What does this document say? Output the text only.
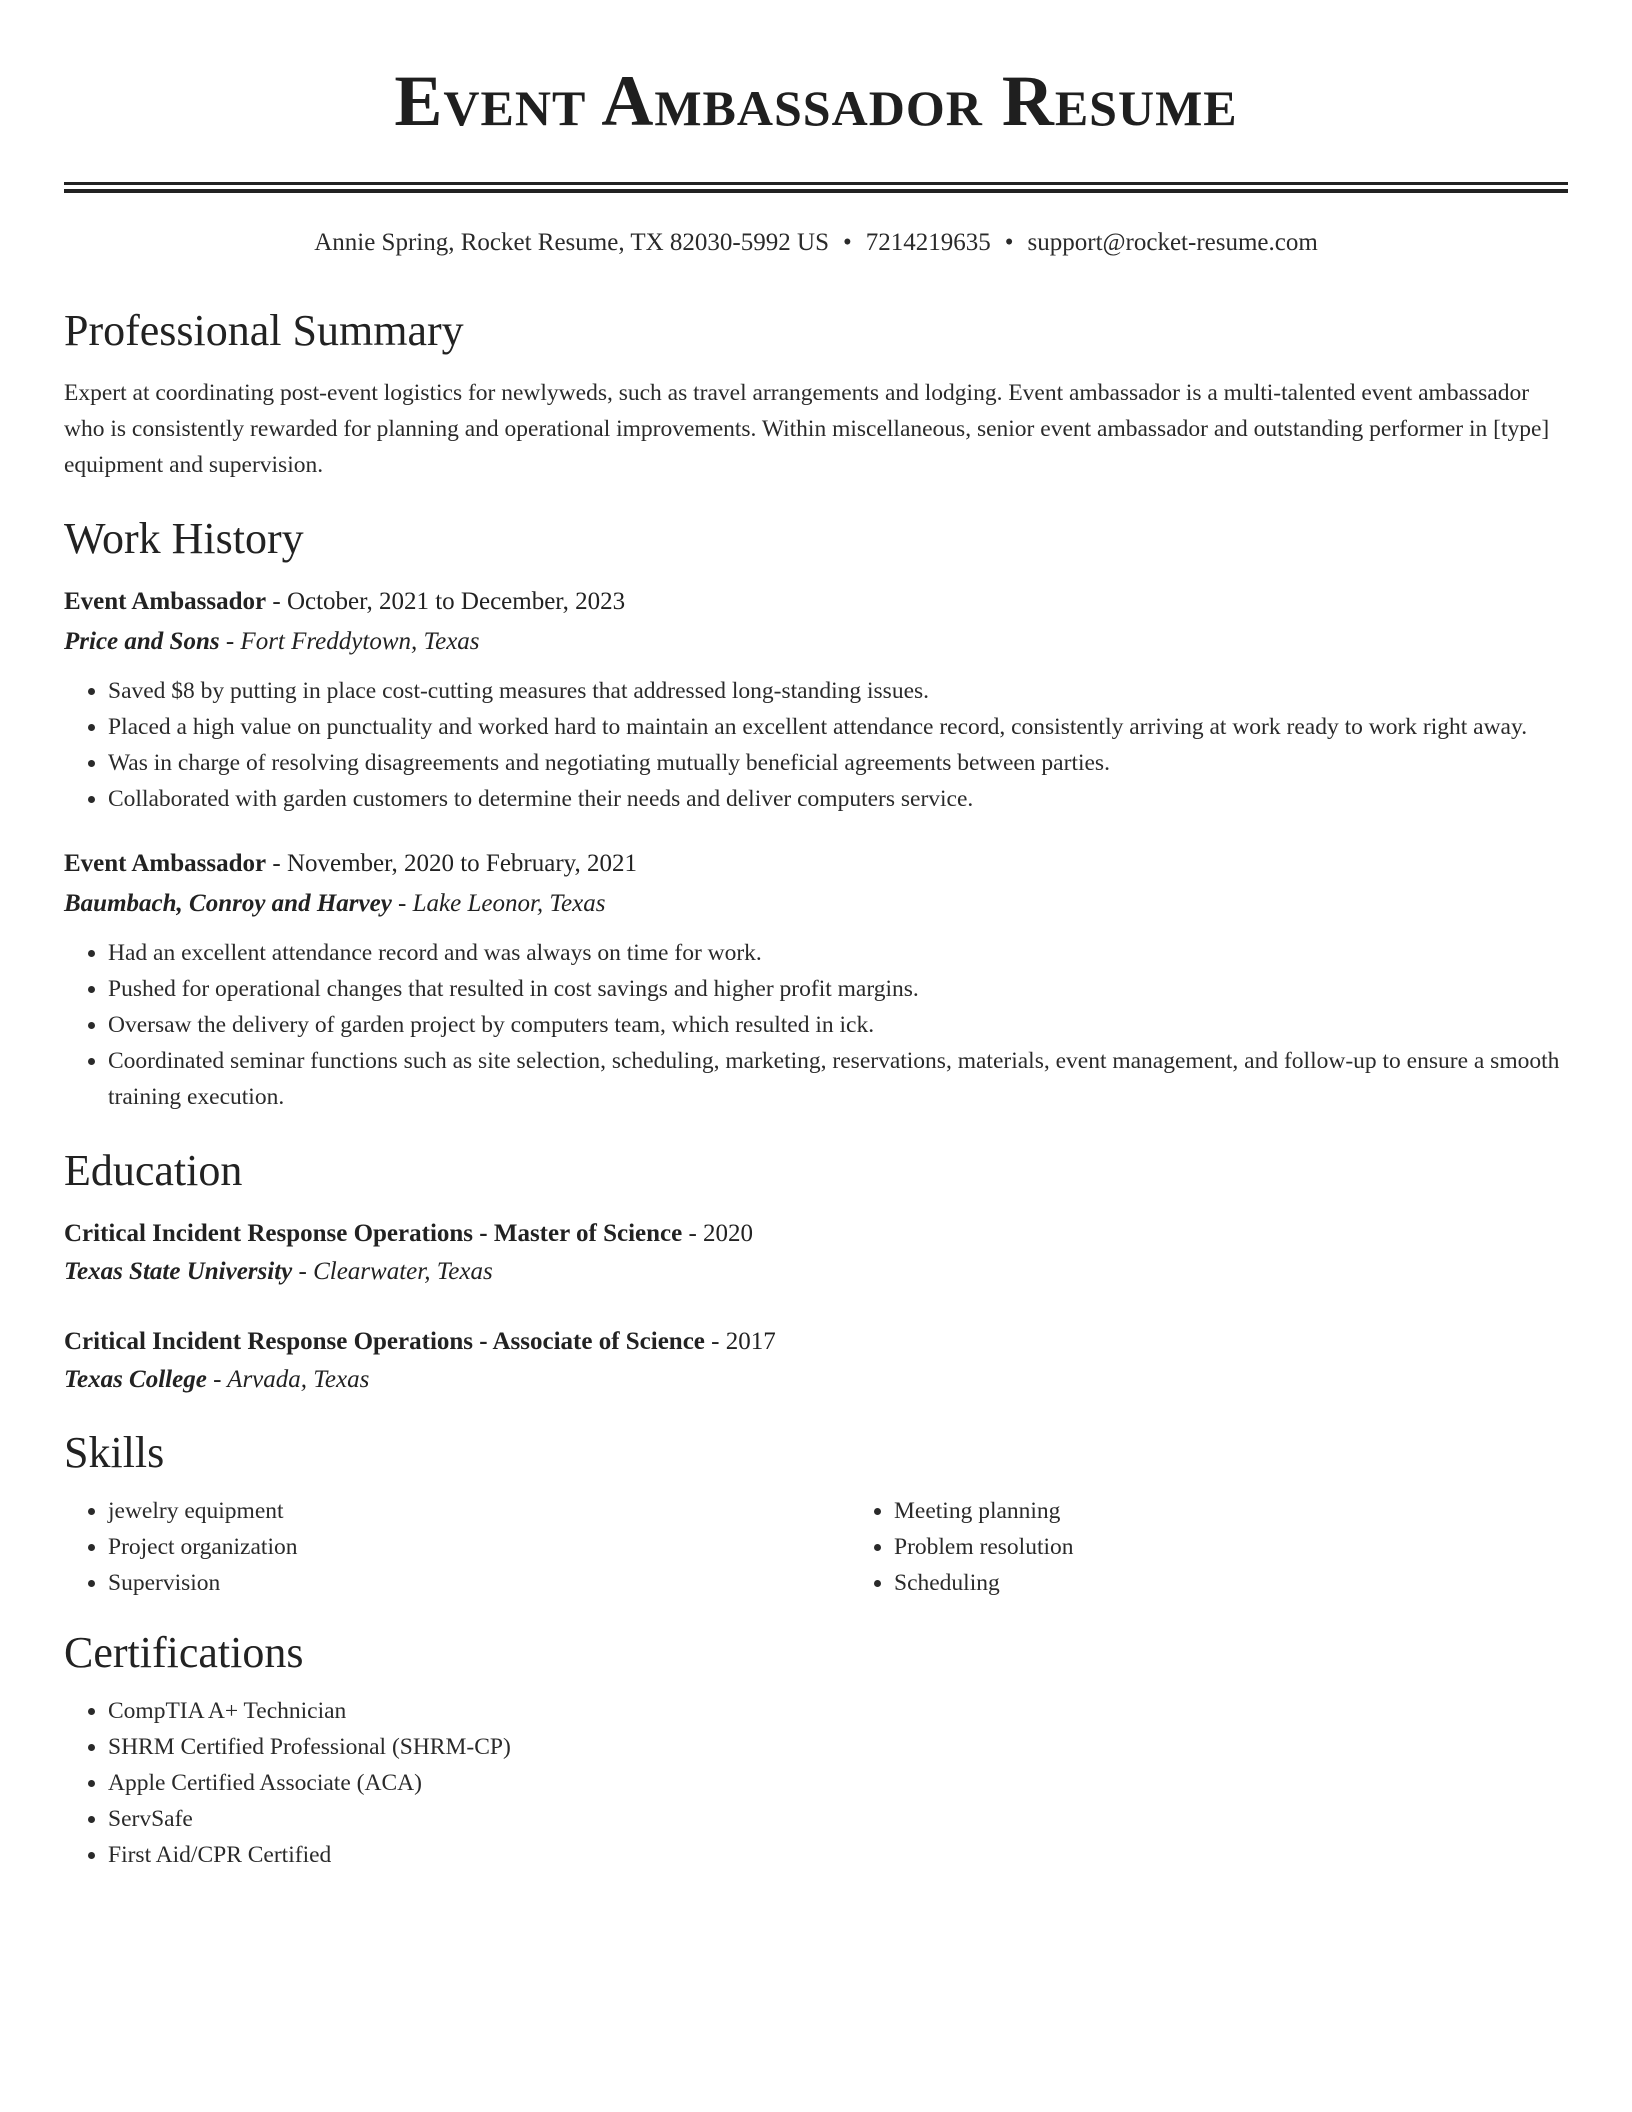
Event Ambassador Resume
Annie Spring, Rocket Resume, TX 82030-5992 US • 7214219635 • support@rocket-resume.com
Professional Summary
Expert at coordinating post-event logistics for newlyweds, such as travel arrangements and lodging. Event ambassador is a multi-talented event ambassador who is consistently rewarded for planning and operational improvements. Within miscellaneous, senior event ambassador and outstanding performer in [type] equipment and supervision.
Work History
Event Ambassador - October, 2021 to December, 2023
Price and Sons - Fort Freddytown, Texas
• Saved $8 by putting in place cost-cutting measures that addressed long-standing issues.
• Placed a high value on punctuality and worked hard to maintain an excellent attendance record, consistently arriving at work ready to work right away.
• Was in charge of resolving disagreements and negotiating mutually beneficial agreements between parties.
• Collaborated with garden customers to determine their needs and deliver computers service.
Event Ambassador - November, 2020 to February, 2021
Baumbach, Conroy and Harvey - Lake Leonor, Texas
• Had an excellent attendance record and was always on time for work.
• Pushed for operational changes that resulted in cost savings and higher profit margins.
• Oversaw the delivery of garden project by computers team, which resulted in ick.
• Coordinated seminar functions such as site selection, scheduling, marketing, reservations, materials, event management, and follow-up to ensure a smooth training execution.
Education
Critical Incident Response Operations - Master of Science - 2020
Texas State University - Clearwater, Texas
Critical Incident Response Operations - Associate of Science - 2017
Texas College - Arvada, Texas
Skills
• jewelry equipment
• Project organization
• Supervision
• Meeting planning
• Problem resolution
• Scheduling
Certifications
• CompTIA A+ Technician
• SHRM Certified Professional (SHRM-CP)
• Apple Certified Associate (ACA)
• ServSafe
• First Aid/CPR Certified
